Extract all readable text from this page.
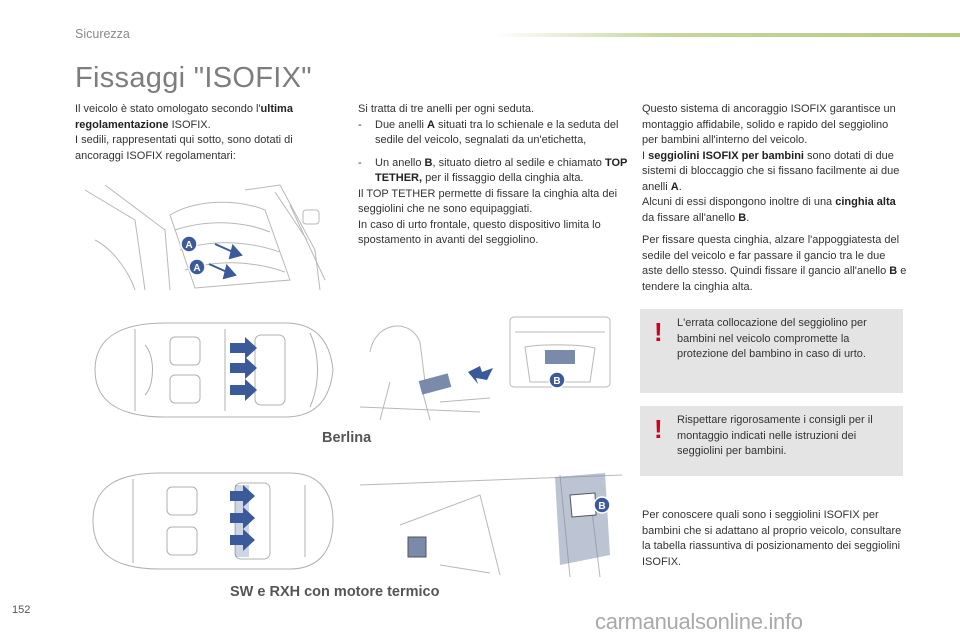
Sicurezza
Fissaggi "ISOFIX"

Il veicolo è stato omologato secondo l'ultima regolamentazione ISOFIX.

I sedili, rappresentati qui sotto, sono dotati di ancoraggi ISOFIX regolamentari:

Si tratta di tre anelli per ogni seduta.

-	Due anelli A situati tra lo schienale e la seduta del sedile del veicolo, segnalati da un'etichetta,
-	Un anello B, situato dietro al sedile e chiamato TOP TETHER, per il fissaggio della cinghia alta.

Il TOP TETHER permette di fissare la cinghia alta dei seggiolini che ne sono equipaggiati.

In caso di urto frontale, questo dispositivo limita lo spostamento in avanti del seggiolino.

Questo sistema di ancoraggio ISOFIX garantisce un montaggio affidabile, solido e rapido del seggiolino per bambini all'interno del veicolo.

I seggiolini ISOFIX per bambini sono dotati di due sistemi di bloccaggio che si fissano facilmente ai due anelli A.

Alcuni di essi dispongono inoltre di una cinghia alta da fissare all'anello B.

Per fissare questa cinghia, alzare l'appoggiatesta del sedile del veicolo e far passare il gancio tra le due aste dello stesso. Quindi fissare il gancio all'anello B e tendere la cinghia alta.

! L'errata collocazione del seggiolino per bambini nel veicolo compromette la protezione del bambino in caso di urto.
! Rispettare rigorosamente i consigli per il montaggio indicati nelle istruzioni dei seggiolini per bambini.
Per conoscere quali sono i seggiolini ISOFIX per bambini che si adattano al proprio veicolo, consultare la tabella riassuntiva di posizionamento dei seggiolini ISOFIX.
A
A
Berlina
B
SW e RXH con motore termico
B
152	carmanualsonline.info
